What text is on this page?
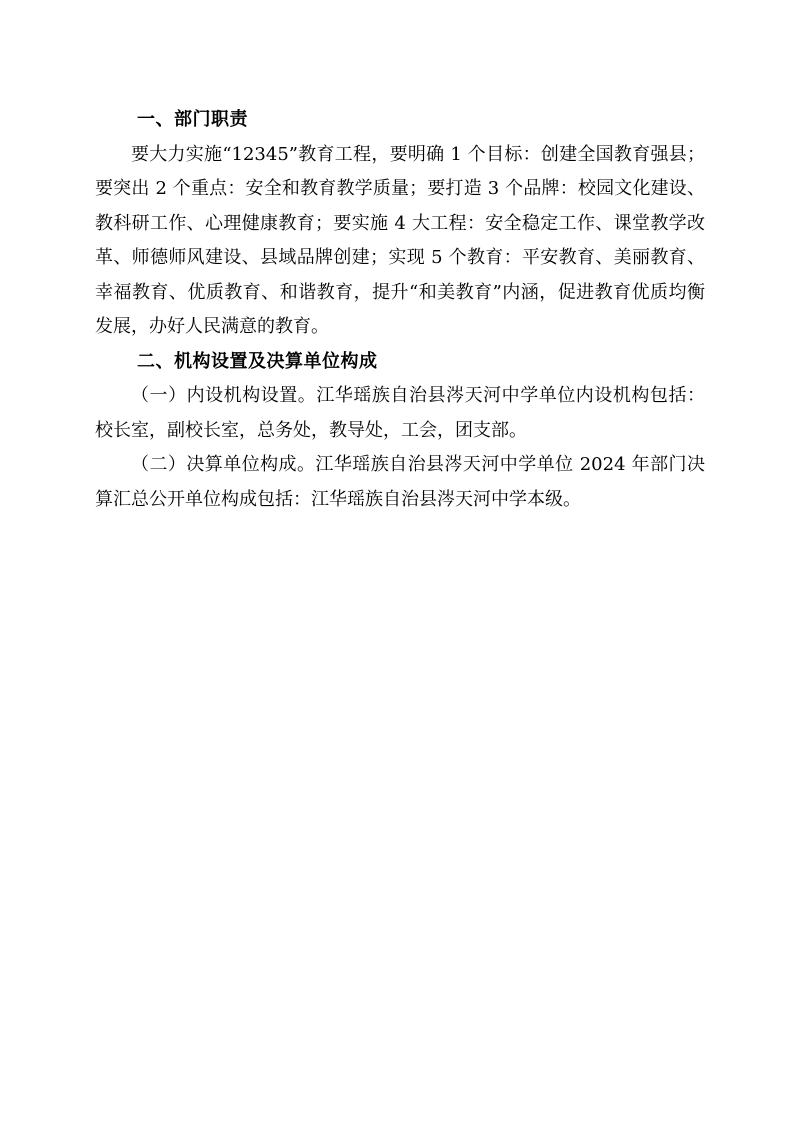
一、部门职责

要大力实施“12345”教育工程，要明确 1 个目标：创建全国教育强县；要突出 2 个重点：安全和教育教学质量；要打造 3 个品牌：校园文化建设、教科研工作、心理健康教育；要实施 4 大工程：安全稳定工作、课堂教学改革、师德师风建设、县域品牌创建；实现 5 个教育：平安教育、美丽教育、幸福教育、优质教育、和谐教育，提升“和美教育”内涵，促进教育优质均衡发展，办好人民满意的教育。

二、机构设置及决算单位构成

（一）内设机构设置。江华瑶族自治县涔天河中学单位内设机构包括：校长室，副校长室，总务处，教导处，工会，团支部。

（二）决算单位构成。江华瑶族自治县涔天河中学单位 2024 年部门决算汇总公开单位构成包括：江华瑶族自治县涔天河中学本级。
